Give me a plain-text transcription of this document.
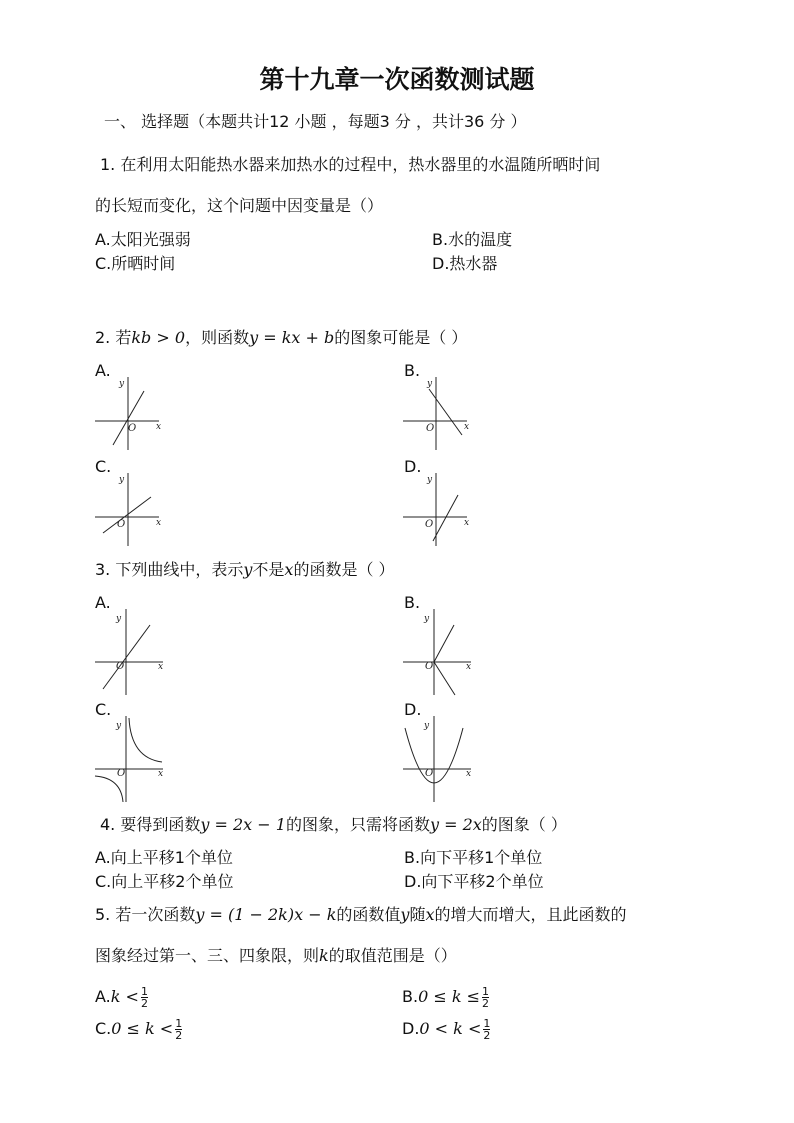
第十九章一次函数测试题
一、 选择题（本题共计12 小题 ，每题3 分 ，共计36 分 ）
1. 在利用太阳能热水器来加热水的过程中，热水器里的水温随所晒时间
的长短而变化，这个问题中因变量是（）
A.太阳光强弱	B.水的温度
C.所晒时间	D.热水器
2. 若kb > 0，则函数y = kx + b的图象可能是（ ）
A.	B.
C.	D.
y
x
O
y
x
O
y
x
O
y
x
O
3. 下列曲线中，表示y不是x的函数是（ ）
A.	B.
C.	D.
y
x
O
y
x
O
y
x
O
y
x
O
4. 要得到函数y = 2x − 1的图象，只需将函数y = 2x的图象（ ）
A.向上平移1个单位	B.向下平移1个单位
C.向上平移2个单位	D.向下平移2个单位
5. 若一次函数y = (1 − 2k)x − k的函数值y随x的增大而增大，且此函数的
图象经过第一、三、四象限，则k的取值范围是（）
$A.k < \frac{1}{2}$	$B.0 \le k \le \frac{1}{2}$
$C.0 \le k < \frac{1}{2}$	$D.0 < k < \frac{1}{2}$
